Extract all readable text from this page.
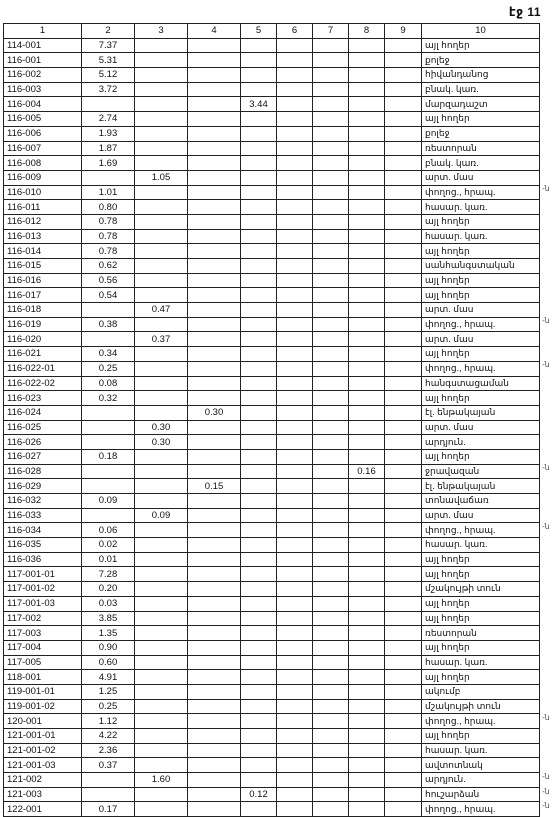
էջ 11
1	2	3	4	5	6	7	8	9	10
114-001	7.37								այլ հողեր
116-001	5.31								քոլեջ
116-002	5.12								հիվանդանոց
116-003	3.72								բնակ. կառ.
116-004				3.44					մարզադաշտ
116-005	2.74								այլ հողեր
116-006	1.93								քոլեջ
116-007	1.87								ռեստորան
116-008	1.69								բնակ. կառ.
116-009		1.05							արտ. մաս
116-010	1.01								փողոց., հրապ.
116-011	0.80								հասար. կառ.
116-012	0.78								այլ հողեր
116-013	0.78								հասար. կառ.
116-014	0.78								այլ հողեր
116-015	0.62								սանհանգստական
116-016	0.56								այլ հողեր
116-017	0.54								այլ հողեր
116-018		0.47							արտ. մաս
116-019	0.38								փողոց., հրապ.
116-020		0.37							արտ. մաս
116-021	0.34								այլ հողեր
116-022-01	0.25								փողոց., հրապ.
116-022-02	0.08								հանգստացաման
116-023	0.32								այլ հողեր
116-024			0.30						էլ. ենթակայան
116-025		0.30							արտ. մաս
116-026		0.30							արդյուն.
116-027	0.18								այլ հողեր
116-028							0.16		ջրավազան
116-029			0.15						էլ. ենթակայան
116-032	0.09								տոնավաճառ
116-033		0.09							արտ. մաս
116-034	0.06								փողոց., հրապ.
116-035	0.02								հասար. կառ.
116-036	0.01								այլ հողեր
117-001-01	7.28								այլ հողեր
117-001-02	0.20								մշակույթի տուն
117-001-03	0.03								այլ հողեր
117-002	3.85								այլ հողեր
117-003	1.35								ռեստորան
117-004	0.90								այլ հողեր
117-005	0.60								հասար. կառ.
118-001	4.91								այլ հողեր
119-001-01	1.25								ակումբ
119-001-02	0.25								մշակույթի տուն
120-001	1.12								փողոց., հրապ.
121-001-01	4.22								այլ հողեր
121-001-02	2.36								հասար. կառ.
121-001-03	0.37								ավտոտնակ
121-002		1.60							արդյուն.
121-003				0.12					հուշարձան
122-001	0.17								փողոց., հրապ.
-ն
-ն
-ն
-ն
-ն
-ն
-ն
-ն
-ն
